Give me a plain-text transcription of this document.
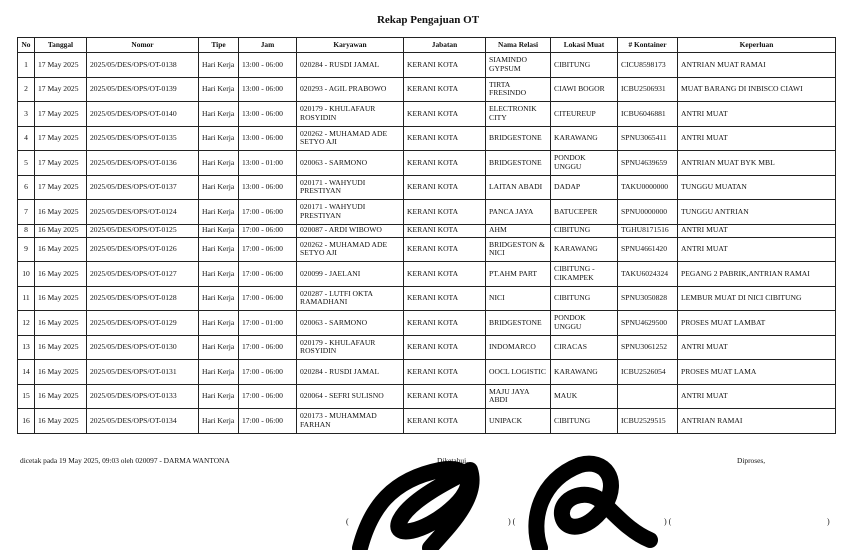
Rekap Pengajuan OT
No	Tanggal	Nomor	Tipe	Jam	Karyawan	Jabatan	Nama Relasi	Lokasi Muat	# Kontainer	Keperluan
1	17 May 2025	2025/05/DES/OPS/OT-0138	Hari Kerja	13:00 - 06:00	020284 - RUSDI JAMAL	KERANI KOTA	SIAMINDO GYPSUM	CIBITUNG	CICU8598173	ANTRIAN MUAT RAMAI
2	17 May 2025	2025/05/DES/OPS/OT-0139	Hari Kerja	13:00 - 06:00	020293 - AGIL PRABOWO	KERANI KOTA	TIRTA FRESINDO	CIAWI BOGOR	ICBU2506931	MUAT BARANG DI INBISCO CIAWI
3	17 May 2025	2025/05/DES/OPS/OT-0140	Hari Kerja	13:00 - 06:00	020179 - KHULAFAUR ROSYIDIN	KERANI KOTA	ELECTRONIK CITY	CITEUREUP	ICBU6046881	ANTRI MUAT
4	17 May 2025	2025/05/DES/OPS/OT-0135	Hari Kerja	13:00 - 06:00	020262 - MUHAMAD ADE SETYO AJI	KERANI KOTA	BRIDGESTONE	KARAWANG	SPNU3065411	ANTRI MUAT
5	17 May 2025	2025/05/DES/OPS/OT-0136	Hari Kerja	13:00 - 01:00	020063 - SARMONO	KERANI KOTA	BRIDGESTONE	PONDOK UNGGU	SPNU4639659	ANTRIAN MUAT BYK MBL
6	17 May 2025	2025/05/DES/OPS/OT-0137	Hari Kerja	13:00 - 06:00	020171 - WAHYUDI PRESTIYAN	KERANI KOTA	LAITAN ABADI	DADAP	TAKU0000000	TUNGGU MUATAN
7	16 May 2025	2025/05/DES/OPS/OT-0124	Hari Kerja	17:00 - 06:00	020171 - WAHYUDI PRESTIYAN	KERANI KOTA	PANCA JAYA	BATUCEPER	SPNU0000000	TUNGGU ANTRIAN
8	16 May 2025	2025/05/DES/OPS/OT-0125	Hari Kerja	17:00 - 06:00	020087 - ARDI WIBOWO	KERANI KOTA	AHM	CIBITUNG	TGHU8171516	ANTRI MUAT
9	16 May 2025	2025/05/DES/OPS/OT-0126	Hari Kerja	17:00 - 06:00	020262 - MUHAMAD ADE SETYO AJI	KERANI KOTA	BRIDGESTON & NICI	KARAWANG	SPNU4661420	ANTRI MUAT
10	16 May 2025	2025/05/DES/OPS/OT-0127	Hari Kerja	17:00 - 06:00	020099 - JAELANI	KERANI KOTA	PT.AHM PART	CIBITUNG - CIKAMPEK	TAKU6024324	PEGANG 2 PABRIK,ANTRIAN RAMAI
11	16 May 2025	2025/05/DES/OPS/OT-0128	Hari Kerja	17:00 - 06:00	020287 - LUTFI OKTA RAMADHANI	KERANI KOTA	NICI	CIBITUNG	SPNU3050828	LEMBUR MUAT DI NICI CIBITUNG
12	16 May 2025	2025/05/DES/OPS/OT-0129	Hari Kerja	17:00 - 01:00	020063 - SARMONO	KERANI KOTA	BRIDGESTONE	PONDOK UNGGU	SPNU4629500	PROSES MUAT LAMBAT
13	16 May 2025	2025/05/DES/OPS/OT-0130	Hari Kerja	17:00 - 06:00	020179 - KHULAFAUR ROSYIDIN	KERANI KOTA	INDOMARCO	CIRACAS	SPNU3061252	ANTRI MUAT
14	16 May 2025	2025/05/DES/OPS/OT-0131	Hari Kerja	17:00 - 06:00	020284 - RUSDI JAMAL	KERANI KOTA	OOCL LOGISTIC	KARAWANG	ICBU2526054	PROSES MUAT LAMA
15	16 May 2025	2025/05/DES/OPS/OT-0133	Hari Kerja	17:00 - 06:00	020064 - SEFRI SULISNO	KERANI KOTA	MAJU JAYA ABDI	MAUK		ANTRI MUAT
16	16 May 2025	2025/05/DES/OPS/OT-0134	Hari Kerja	17:00 - 06:00	020173 - MUHAMMAD FARHAN	KERANI KOTA	UNIPACK	CIBITUNG	ICBU2529515	ANTRIAN RAMAI
dicetak pada 19 May 2025, 09:03 oleh 020097 - DARMA WANTONA	Diketahui,	D	Diproses,
(	) (	) (	)
